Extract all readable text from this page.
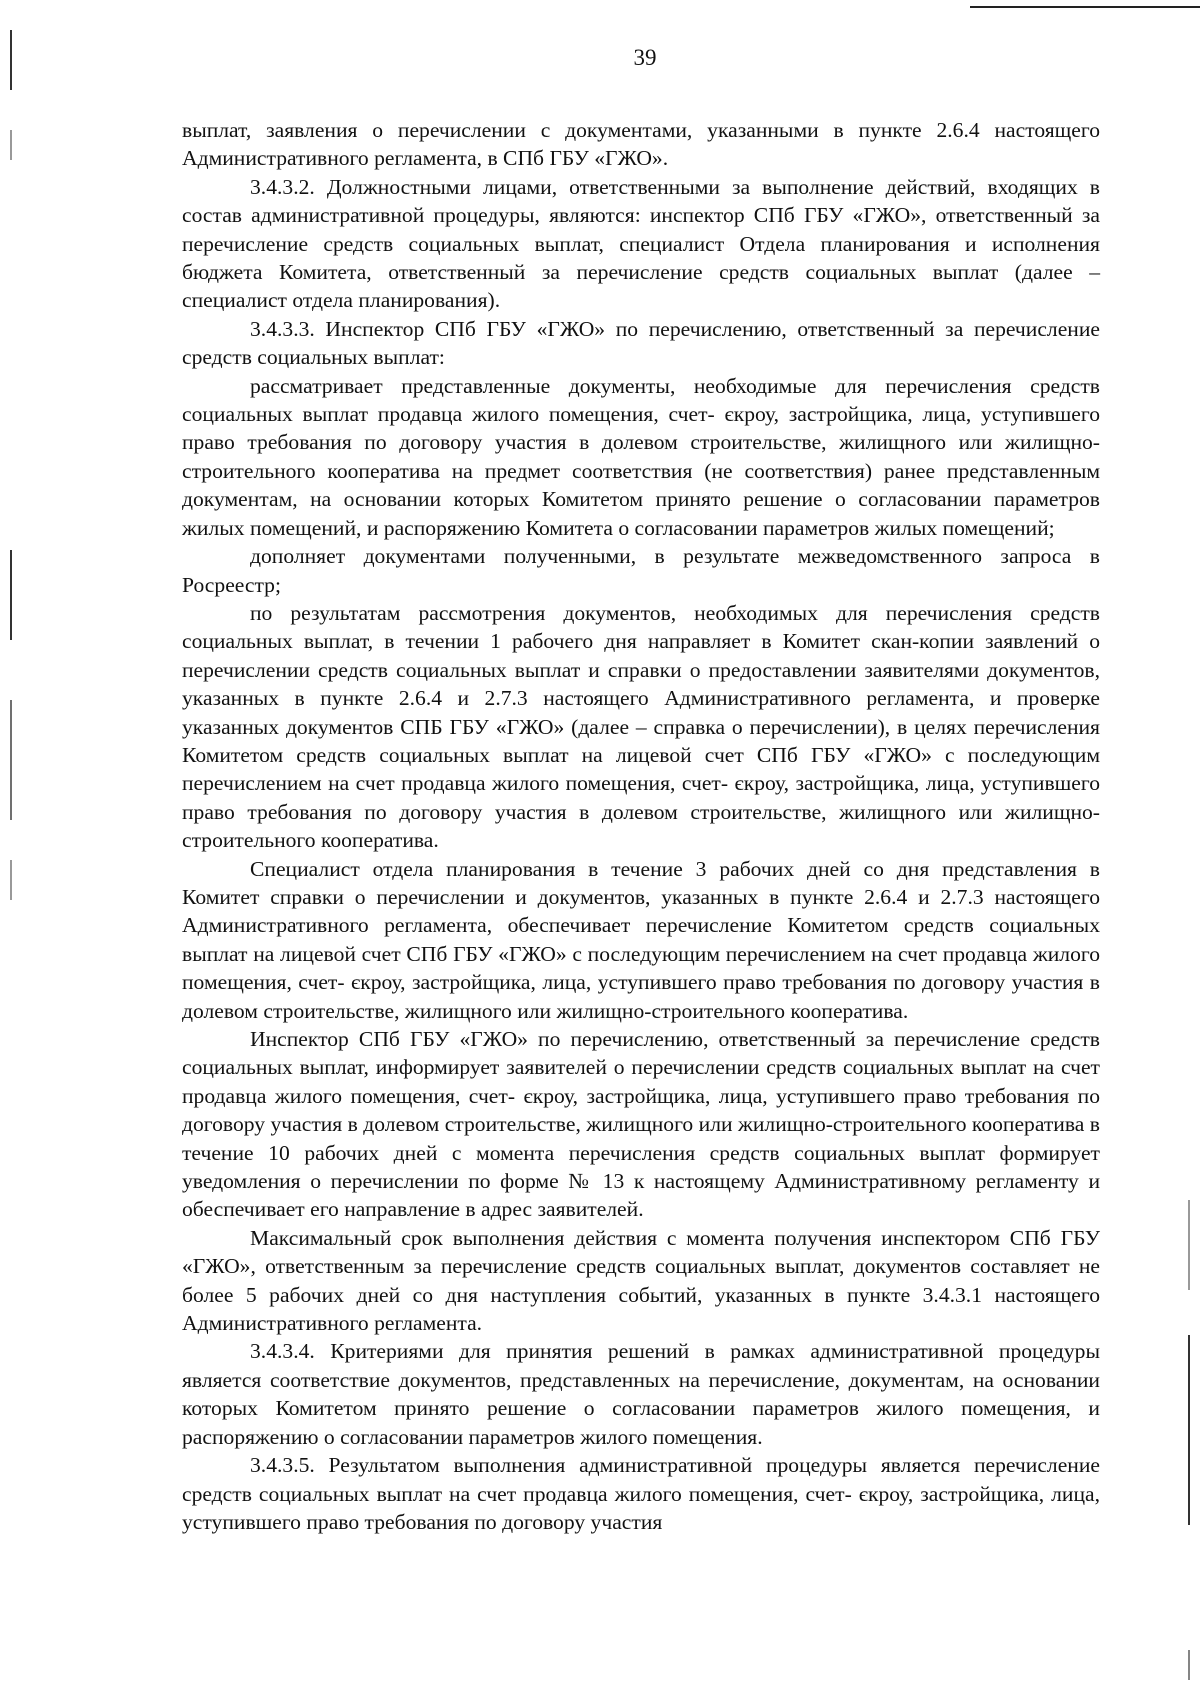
39

выплат, заявления о перечислении с документами, указанными в пункте 2.6.4 настоящего Административного регламента, в СПб ГБУ «ГЖО».

3.4.3.2. Должностными лицами, ответственными за выполнение действий, входящих в состав административной процедуры, являются: инспектор СПб ГБУ «ГЖО», ответственный за перечисление средств социальных выплат, специалист Отдела планирования и исполнения бюджета Комитета, ответственный за перечисление средств социальных выплат (далее – специалист отдела планирования).

3.4.3.3. Инспектор СПб ГБУ «ГЖО» по перечислению, ответственный за перечисление средств социальных выплат:

рассматривает представленные документы, необходимые для перечисления средств социальных выплат продавца жилого помещения, счет- єкроу, застройщика, лица, уступившего право требования по договору участия в долевом строительстве, жилищного или жилищно-строительного кооператива на предмет соответствия (не соответствия) ранее представленным документам, на основании которых Комитетом принято решение о согласовании параметров жилых помещений, и распоряжению Комитета о согласовании параметров жилых помещений;

дополняет документами полученными, в результате межведомственного запроса в Росреестр;

по результатам рассмотрения документов, необходимых для перечисления средств социальных выплат, в течении 1 рабочего дня направляет в Комитет скан-копии заявлений о перечислении средств социальных выплат и справки о предоставлении заявителями документов, указанных в пункте 2.6.4 и 2.7.3 настоящего Административного регламента, и проверке указанных документов СПБ ГБУ «ГЖО» (далее – справка о перечислении), в целях перечисления Комитетом средств социальных выплат на лицевой счет СПб ГБУ «ГЖО» с последующим перечислением на счет продавца жилого помещения, счет- єкроу, застройщика, лица, уступившего право требования по договору участия в долевом строительстве, жилищного или жилищно-строительного кооператива.

Специалист отдела планирования в течение 3 рабочих дней со дня представления в Комитет справки о перечислении и документов, указанных в пункте 2.6.4 и 2.7.3 настоящего Административного регламента, обеспечивает перечисление Комитетом средств социальных выплат на лицевой счет СПб ГБУ «ГЖО» с последующим перечислением на счет продавца жилого помещения, счет- єкроу, застройщика, лица, уступившего право требования по договору участия в долевом строительстве, жилищного или жилищно-строительного кооператива.

Инспектор СПб ГБУ «ГЖО» по перечислению, ответственный за перечисление средств социальных выплат, информирует заявителей о перечислении средств социальных выплат на счет продавца жилого помещения, счет- єкроу, застройщика, лица, уступившего право требования по договору участия в долевом строительстве, жилищного или жилищно-строительного кооператива в течение 10 рабочих дней с момента перечисления средств социальных выплат формирует уведомления о перечислении по форме № 13 к настоящему Административному регламенту и обеспечивает его направление в адрес заявителей.

Максимальный срок выполнения действия с момента получения инспектором СПб ГБУ «ГЖО», ответственным за перечисление средств социальных выплат, документов составляет не более 5 рабочих дней со дня наступления событий, указанных в пункте 3.4.3.1 настоящего Административного регламента.

3.4.3.4. Критериями для принятия решений в рамках административной процедуры является соответствие документов, представленных на перечисление, документам, на основании которых Комитетом принято решение о согласовании параметров жилого помещения, и распоряжению о согласовании параметров жилого помещения.

3.4.3.5. Результатом выполнения административной процедуры является перечисление средств социальных выплат на счет продавца жилого помещения, счет- єкроу, застройщика, лица, уступившего право требования по договору участия
